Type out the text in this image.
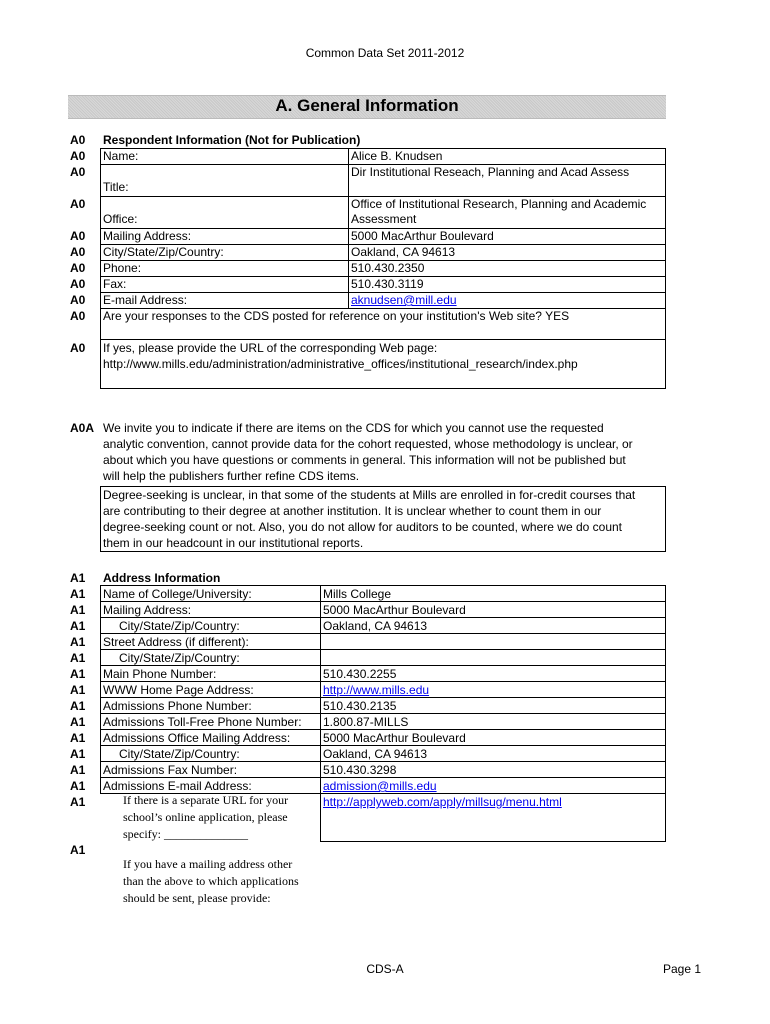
Common Data Set 2011-2012
A. General Information
A0 Respondent Information (Not for Publication)
A0
A0
A0
A0
A0
A0
A0
A0
A0
A0
Name:
Title:
Office:
Mailing Address:
City/State/Zip/Country:
Phone:
Fax:
E-mail Address:
Alice B. Knudsen
Dir Institutional Reseach, Planning and Acad Assess
Office of Institutional Research, Planning and Academic
Assessment
5000 MacArthur Boulevard
Oakland, CA 94613
510.430.2350
510.430.3119
aknudsen@mill.edu
Are your responses to the CDS posted for reference on your institution's Web site? YES
If yes, please provide the URL of the corresponding Web page:
http://www.mills.edu/administration/administrative_offices/institutional_research/index.php
A0A We invite you to indicate if there are items on the CDS for which you cannot use the requested
analytic convention, cannot provide data for the cohort requested, whose methodology is unclear, or
about which you have questions or comments in general. This information will not be published but
will help the publishers further refine CDS items.
Degree-seeking is unclear, in that some of the students at Mills are enrolled in for-credit courses that
are contributing to their degree at another institution. It is unclear whether to count them in our
degree-seeking count or not. Also, you do not allow for auditors to be counted, where we do count
them in our headcount in our institutional reports.
A1 Address Information
A1
A1
A1
A1
A1
A1
A1
A1
A1
A1
A1
A1
A1
A1
A1
Name of College/University:
Mailing Address:
City/State/Zip/Country:
Street Address (if different):
City/State/Zip/Country:
Main Phone Number:
WWW Home Page Address:
Admissions Phone Number:
Admissions Toll-Free Phone Number:
Admissions Office Mailing Address:
City/State/Zip/Country:
Admissions Fax Number:
Admissions E-mail Address:
Mills College
5000 MacArthur Boulevard
Oakland, CA 94613
510.430.2255
http://www.mills.edu
510.430.2135
1.800.87-MILLS
5000 MacArthur Boulevard
Oakland, CA 94613
510.430.3298
admission@mills.edu
If there is a separate URL for your
school’s online application, please
specify: ______________
http://applyweb.com/apply/millsug/menu.html
If you have a mailing address other
than the above to which applications
should be sent, please provide:
CDS-A	Page 1
